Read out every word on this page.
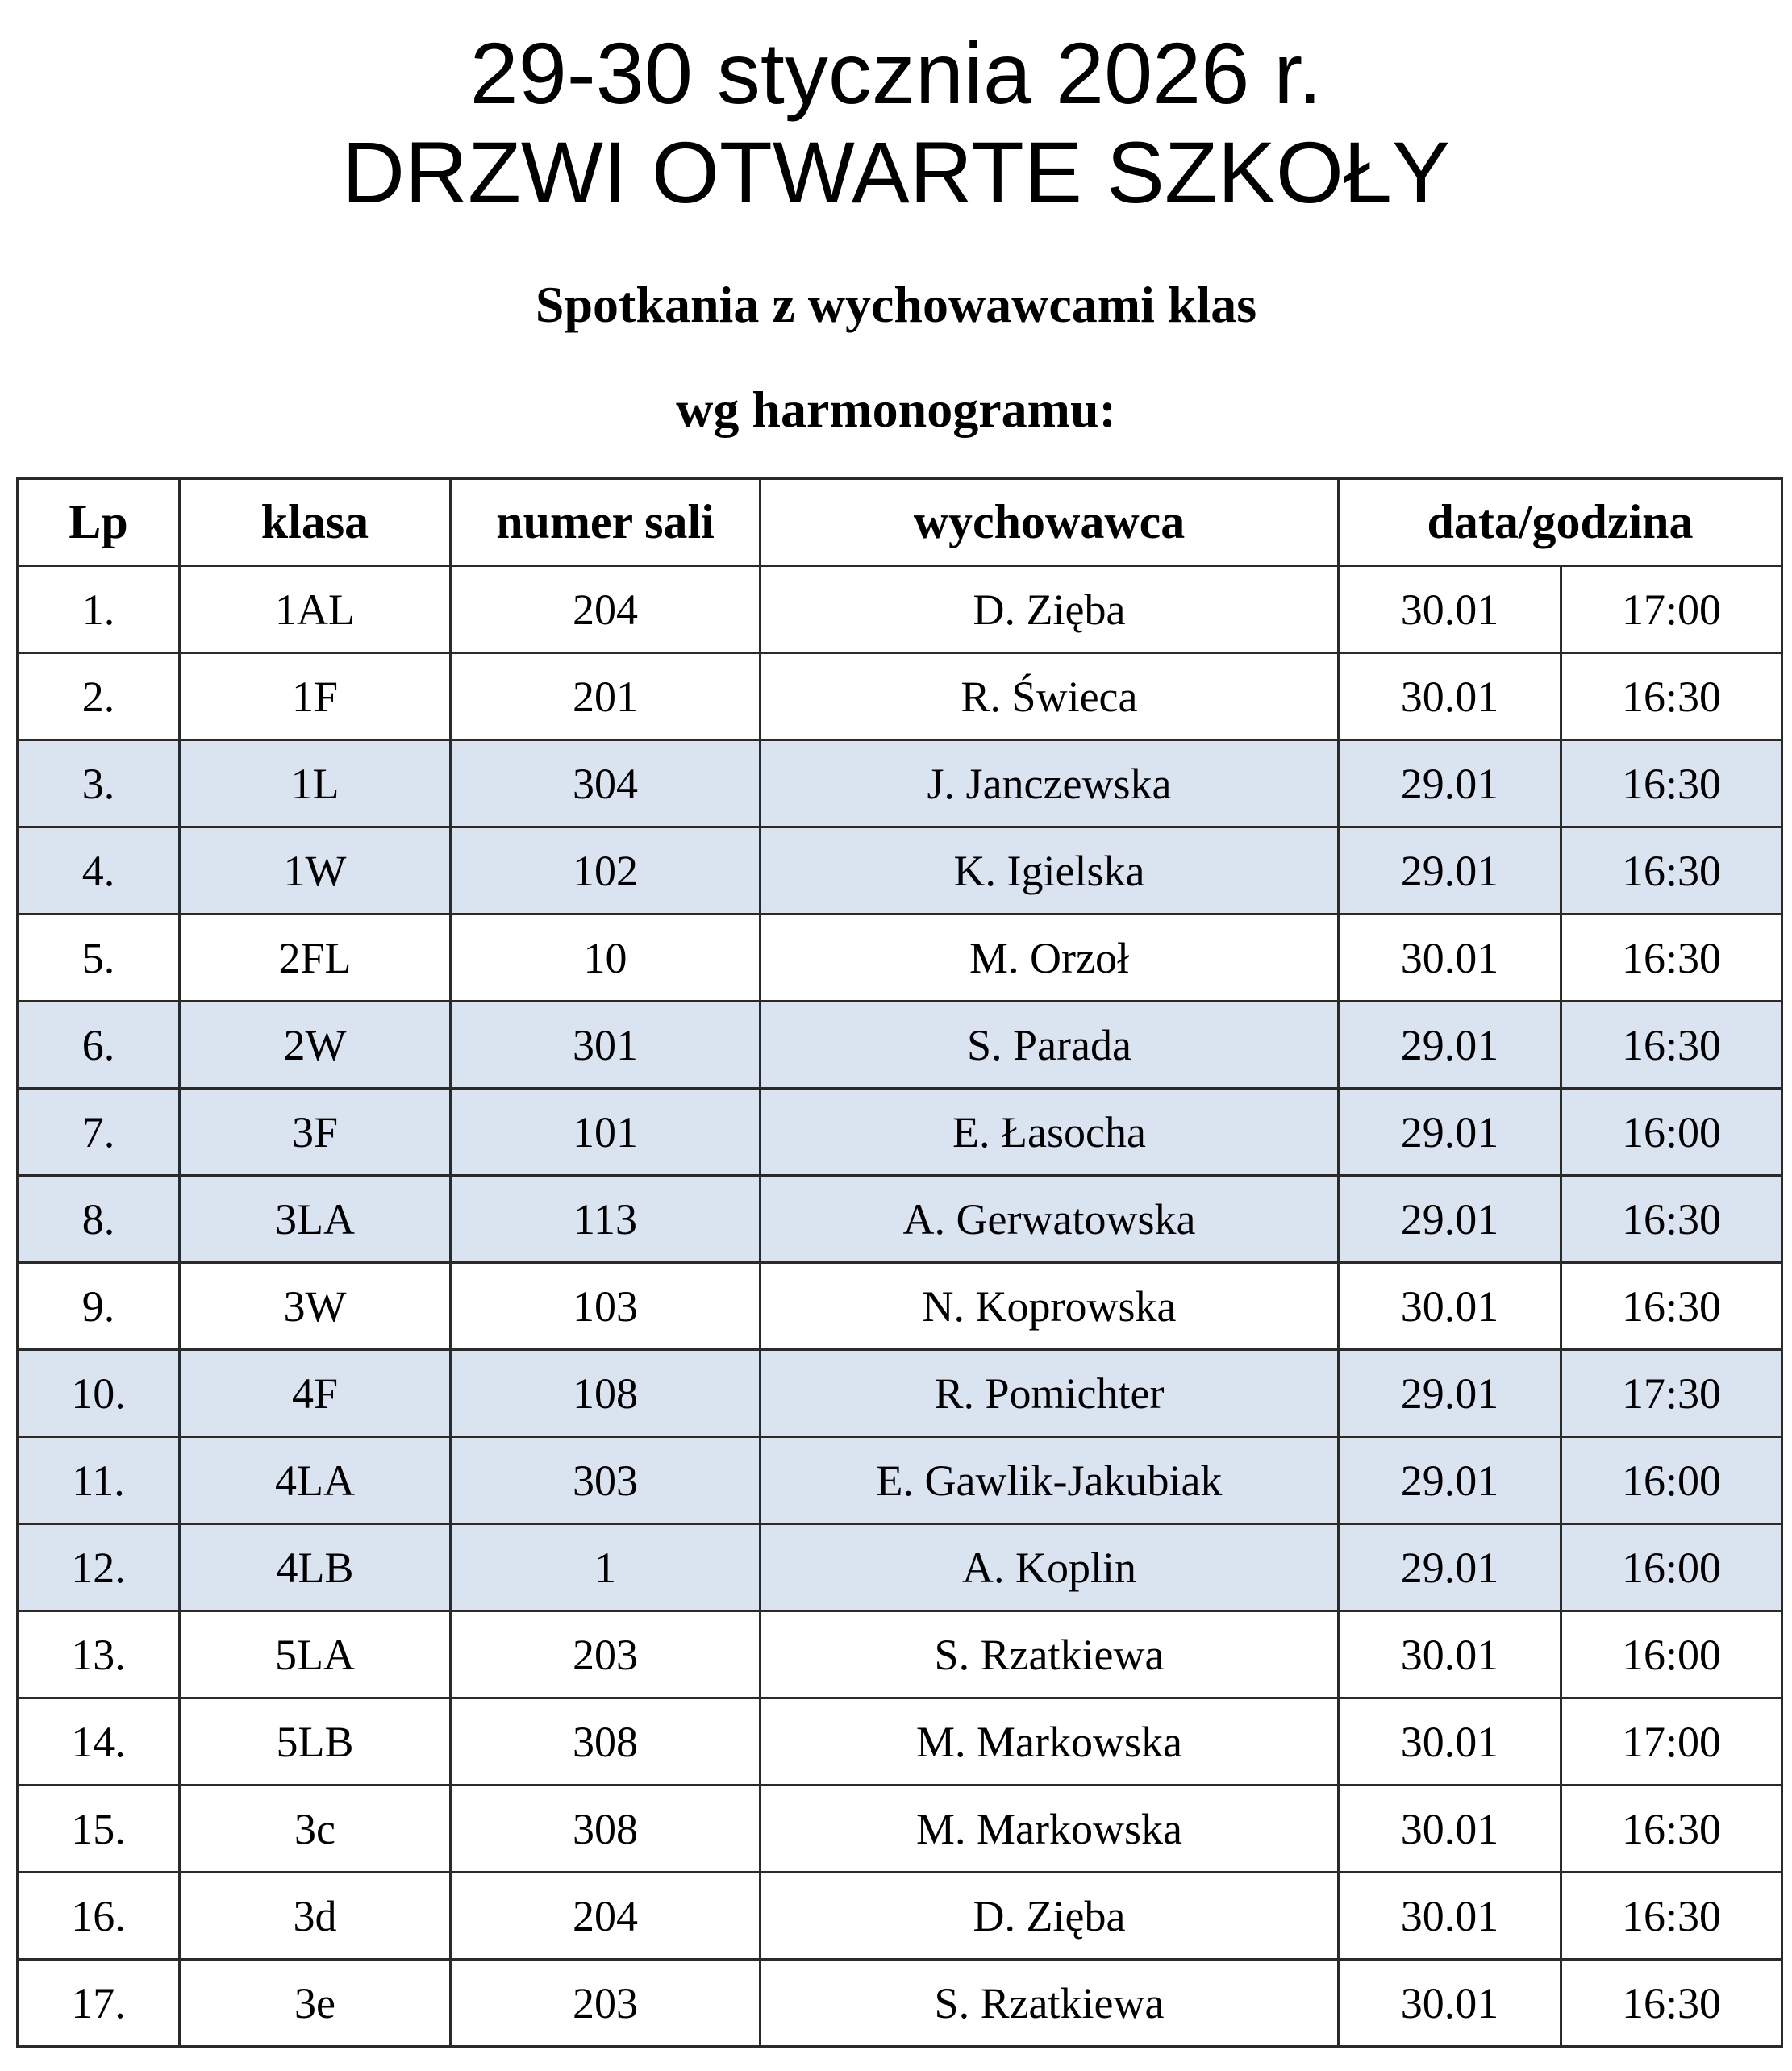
29-30 stycznia 2026 r.
DRZWI OTWARTE SZKOŁY
Spotkania z wychowawcami klas
wg harmonogramu:
Lp	klasa	numer sali	wychowawca	data/godzina	
1.	1AL	204	D. Zięba	30.01	17:00
2.	1F	201	R. Świeca	30.01	16:30
3.	1L	304	J. Janczewska	29.01	16:30
4.	1W	102	K. Igielska	29.01	16:30
5.	2FL	10	M. Orzoł	30.01	16:30
6.	2W	301	S. Parada	29.01	16:30
7.	3F	101	E. Łasocha	29.01	16:00
8.	3LA	113	A. Gerwatowska	29.01	16:30
9.	3W	103	N. Koprowska	30.01	16:30
10.	4F	108	R. Pomichter	29.01	17:30
11.	4LA	303	E. Gawlik-Jakubiak	29.01	16:00
12.	4LB	1	A. Koplin	29.01	16:00
13.	5LA	203	S. Rzatkiewa	30.01	16:00
14.	5LB	308	M. Markowska	30.01	17:00
15.	3c	308	M. Markowska	30.01	16:30
16.	3d	204	D. Zięba	30.01	16:30
17.	3e	203	S. Rzatkiewa	30.01	16:30
